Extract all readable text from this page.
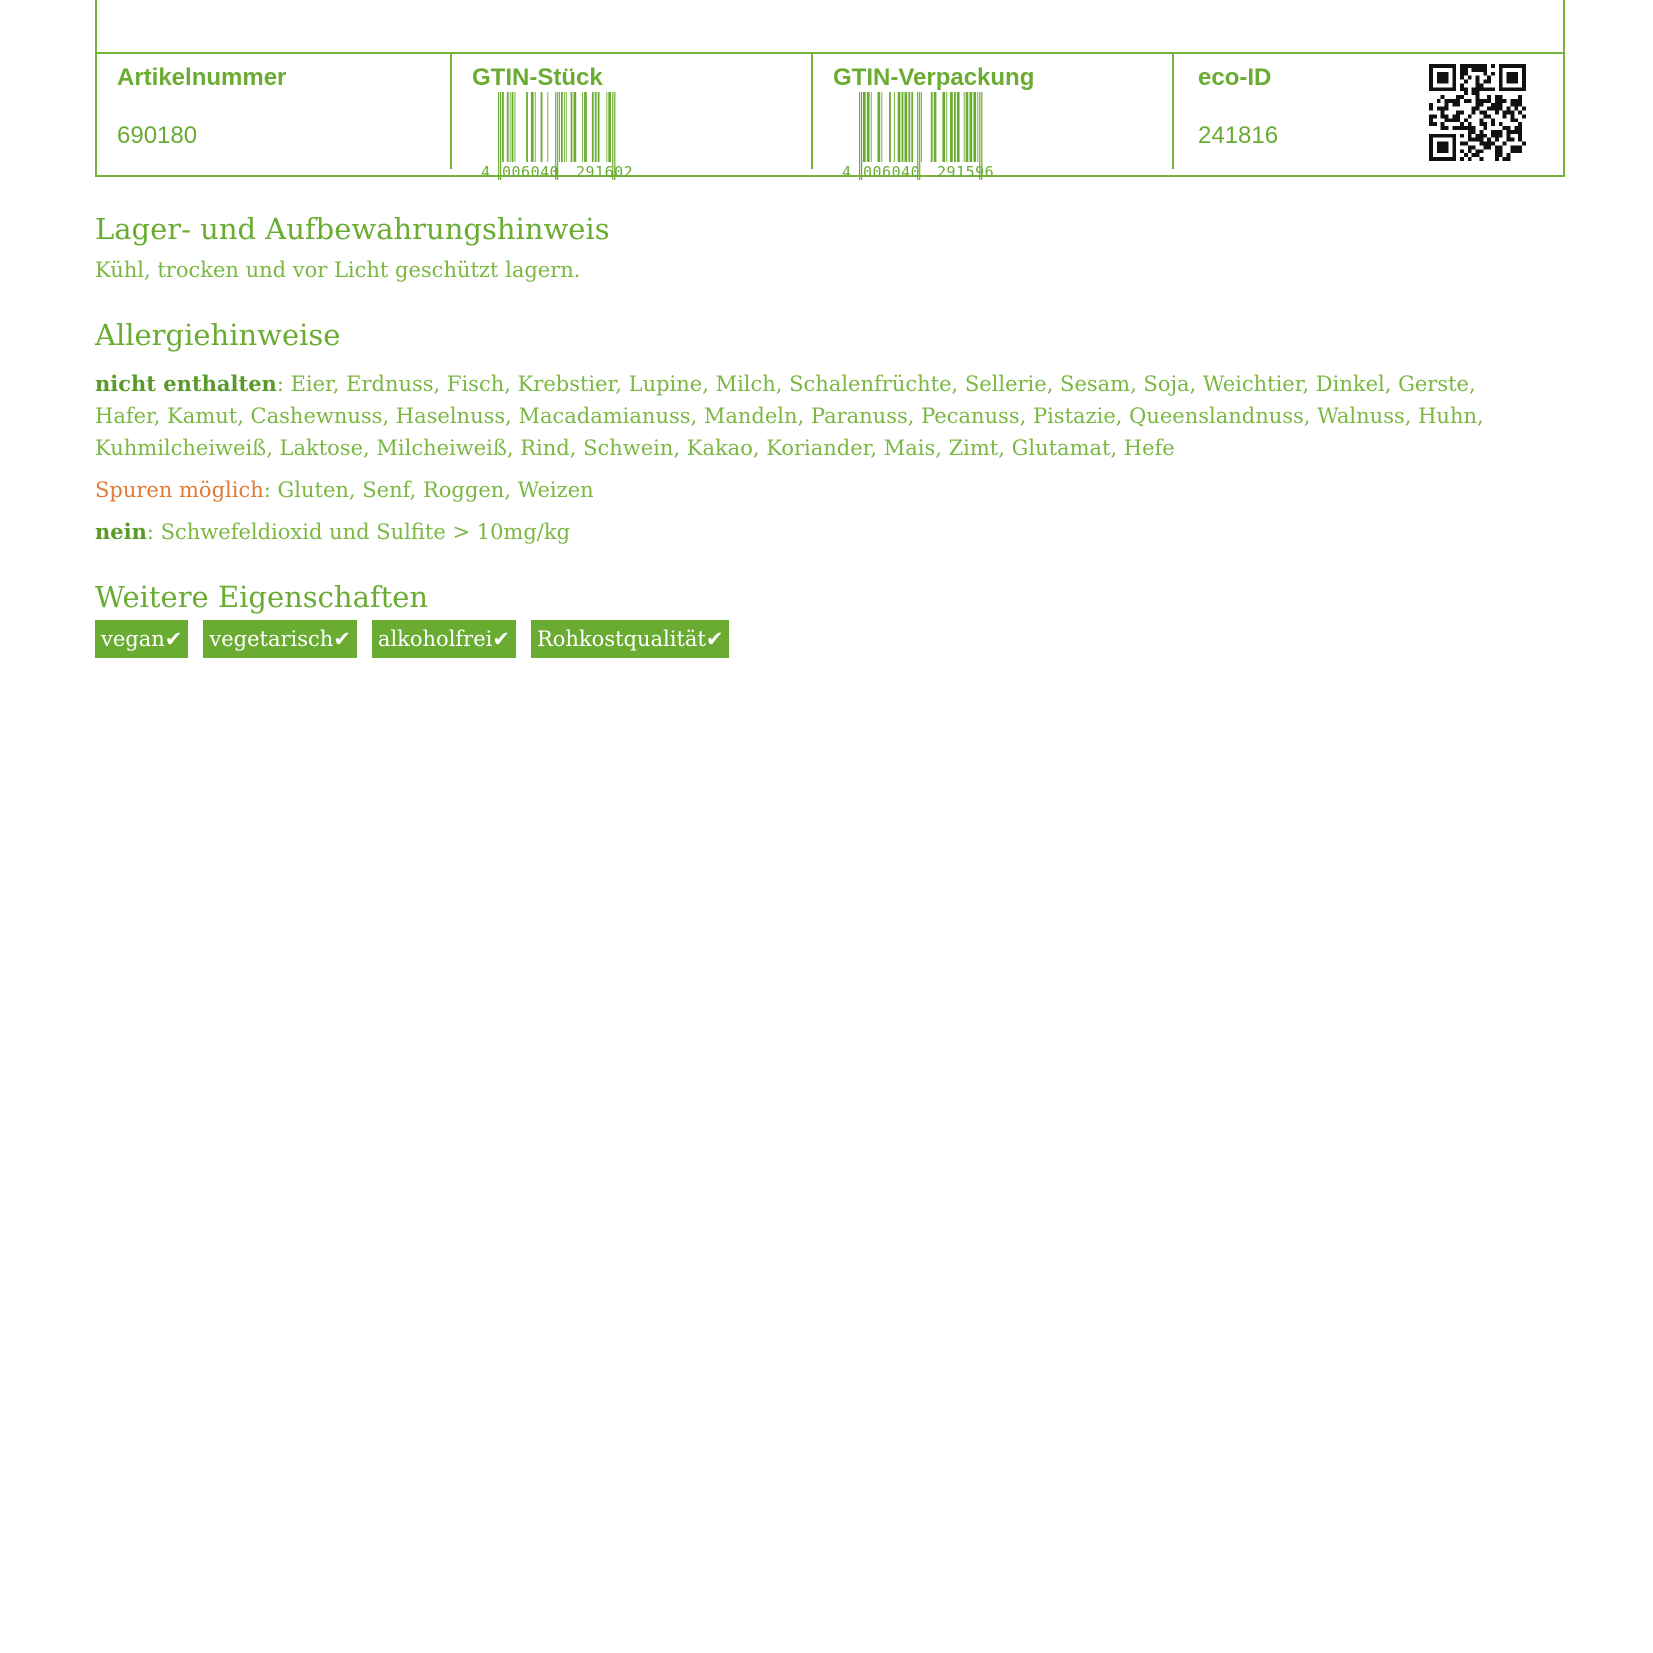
Artikelnummer
690180
GTIN-Stück
4 006040 291602
GTIN-Verpackung
4 006040 291596
eco-ID
241816
Lager- und Aufbewahrungshinweis
Kühl, trocken und vor Licht geschützt lagern.
Allergiehinweise
nicht enthalten: Eier, Erdnuss, Fisch, Krebstier, Lupine, Milch, Schalenfrüchte, Sellerie, Sesam, Soja, Weichtier, Dinkel, Gerste, Hafer, Kamut, Cashewnuss, Haselnuss, Macadamianuss, Mandeln, Paranuss, Pecanuss, Pistazie, Queenslandnuss, Walnuss, Huhn, Kuhmilcheiweiß, Laktose, Milcheiweiß, Rind, Schwein, Kakao, Koriander, Mais, Zimt, Glutamat, Hefe
Spuren möglich: Gluten, Senf, Roggen, Weizen
nein: Schwefeldioxid und Sulfite > 10mg/kg
Weitere Eigenschaften
vegan✔ vegetarisch✔ alkoholfrei✔ Rohkostqualität✔
